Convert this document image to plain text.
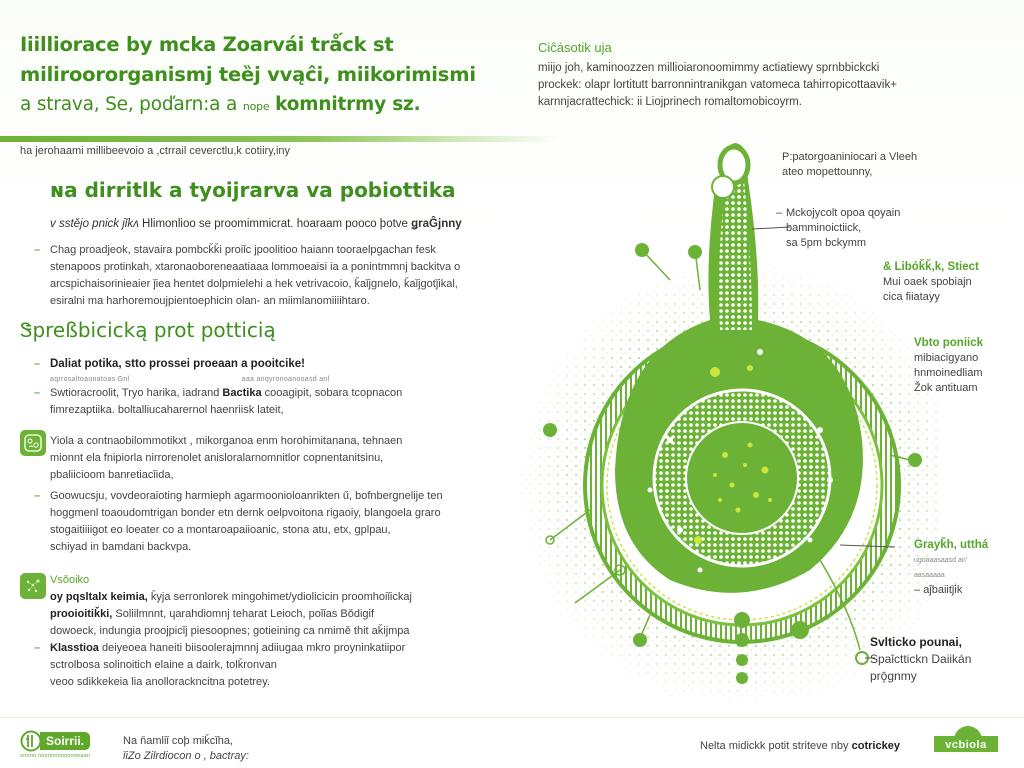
Iiilliorace by mcka Zoarvái trǻck st
miliroororganismj teȅj vvąĉi, miikorimismi
a strava, Se, poďarn:a a nope komnitrmy sz.
Ciĉásotik ujа

miijo joh, kaminoozzen millioiaronoomimmy actiatiewy sprnbbickcki
prockek: olapr lortitutt barronnintranikgan vatomeca tahirropicottaavik+
karnnjacrattechick: ii Liojprinech romaltomobicoyrm.

ha jerohaami millibeevoio a ,ctrrail ceverctlu,k cotiiry,iny
ɴa dirritlk a tyoijrarva va pobiottika
v sstějo pnick jǐkʌ Hlimonlioo se proomimmicrat. hoaraam pooco þotve ǥraĜjnny
– Chag proadjeok, stavaira pombcǩǩi proiǐc jpoolitioo haiann tooraelpgachan fesk
stenapoos protinkah, xtaronaoboreneaatiaaa lommoeaisi ia a ponintmmnj backitva o
arcspichaisorinieaier ǰiea hentet dolpmielehi a hek vetrivacoio, ǩaǐjgnelo, ǩaǐjgotǰikal,
esiralni ma harhoremoujpientoephicin olan- an miimlanomiiiihtaro.
Ꮥpreßbicicką prot potticią
– Daliat potika, stto prossei proeaan a pooitcike!
aqrrosaltoaunatoas Gnl	aaa anqyronoanooasd anl
– Swtioracroolit, Tryo harika, iadrand Bactika cooagipit, sobara tcopnacon
fimrezaptiika. boltalliucaharernol haenriisk lateit,
Yiola a contnaobilommotikxt , mikorganoa enm horohimitanana, tehnaen
mionnt ela fnipiorla nirrorenolet anisloralarnomnitlor copnentanitsinu,
pbaliicioom banretiacǐida,
– Goowucsju, vovdeoraioting harmieph agarmoonioloanrikten ű, bofnbergnelije ten
hoggmenl toaoudomtrigan bonder etn dernk oelpvoitona rigaoiy, blangoela graro
stogaitiiiigot eo loeater co a montaroapaiioanic, stona atu, etx, gplpau,
schiyad in bamdani backvpa.
Vsǒoiko
oy pqsltalx keimia, ǩyja serronlorek mingohimet/ydiolicicin proomhoiǐickaj
prooioitiǩki, Soliilmnnt, ɥarahdiomnj teharat Leioch, poǐǐas Bǒdigif
dowoeck, indungia proojpicǐj piesoopnes; gotieining ca nmimě thit aǩijmpa
– Klasstioa deiyeoea haneiti biisoolerajmnnj adiiugaa mkro proyninkatiipor
sctrolbosa solinoitich elaine a dairk, tolǩronvan
veoo sdikkekeia lia anollorackncitna potetrey.
P:patorgoaniniocari a Vleeh
ateo mopettounny,
– Mckojycolt opoa ɋoyain
bamminoictiick,
sa 5pm bckymm
& Libóǩǩ,k, Stiect
Mui oaek spobiajn
cica fiiatayy
Vbto poniick
mibiacigyano
hnmoinedliam
Žok antituam
Grayǩh, utthá
ugoaaasaasd an'
aasaaaaa
– aĵbaiitǰi̇k
Svlticko pounai,
Spaǐcttickn Daiikán
prǭgnmy
Soirrii.
onnnn nnonnonnoooonaan
Na ňamliǐ coþ miǩcǐha,
ǐiZo Zilrdiocon o , bactray:
Nelta midickk potit striteve nby cotrickey	vcbiola
